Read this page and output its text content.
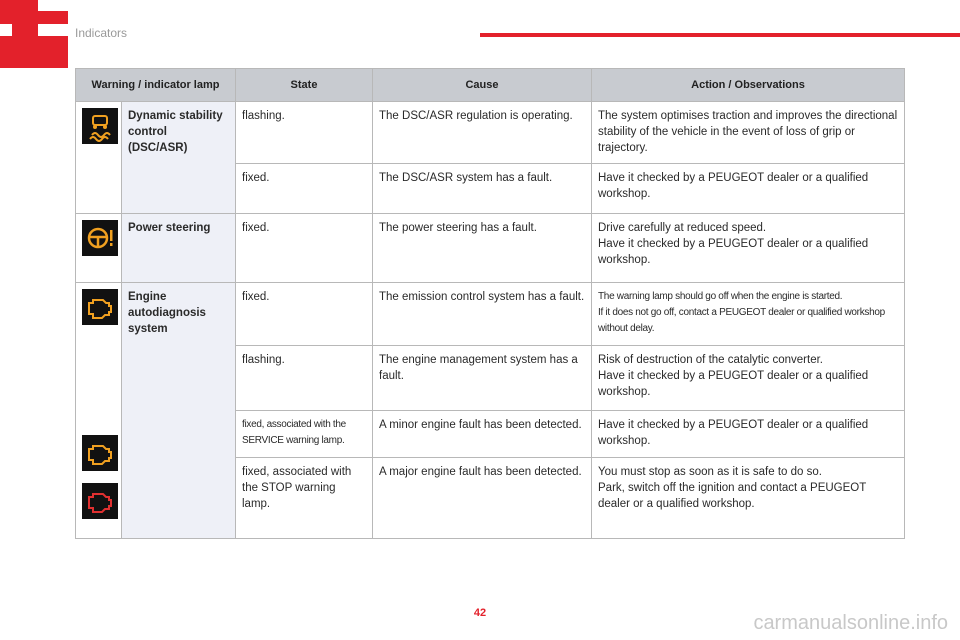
Indicators
Warning / indicator lamp		State	Cause	Action / Observations

	Dynamic stability control (DSC/ASR)	flashing.	The DSC/ASR regulation is operating.	The system optimises traction and improves the directional stability of the vehicle in the event of loss of grip or trajectory.
		fixed.	The DSC/ASR system has a fault.	Have it checked by a PEUGEOT dealer or a qualified workshop.

	Power steering	fixed.	The power steering has a fault.	Drive carefully at reduced speed.
Have it checked by a PEUGEOT dealer or a qualified workshop.

	Engine autodiagnosis system	fixed.	The emission control system has a fault.	The warning lamp should go off when the engine is started.
If it does not go off, contact a PEUGEOT dealer or qualified workshop without delay.

		flashing.	The engine management system has a fault.	Risk of destruction of the catalytic converter.
Have it checked by a PEUGEOT dealer or a qualified workshop.

		fixed, associated with the SERVICE warning lamp.	A minor engine fault has been detected.	Have it checked by a PEUGEOT dealer or a qualified workshop.
		fixed, associated with the STOP warning lamp.	A major engine fault has been detected.	You must stop as soon as it is safe to do so.
Park, switch off the ignition and contact a PEUGEOT dealer or a qualified workshop.
42	carmanualsonline.info
